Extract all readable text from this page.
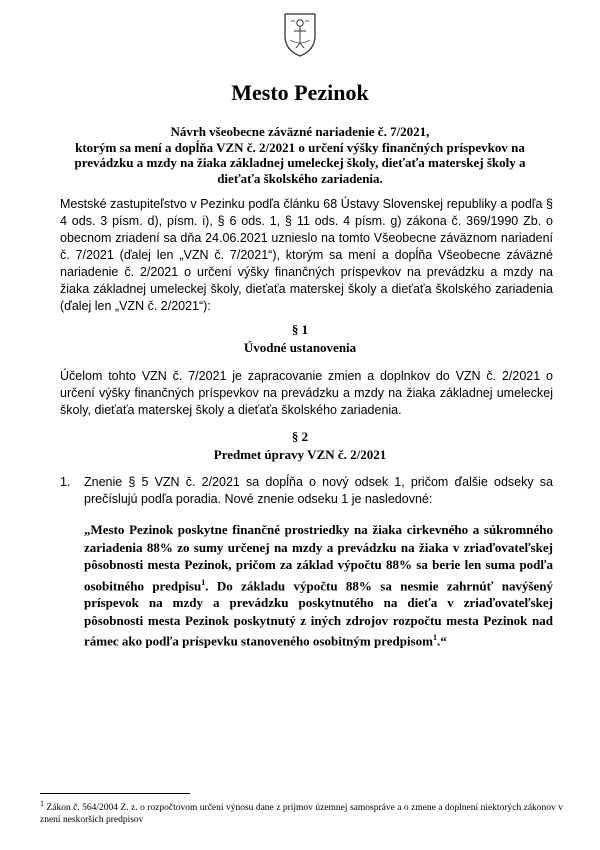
Mesto Pezinok
Návrh všeobecne záväzné nariadenie č. 7/2021,
ktorým sa mení a dopĺňa VZN č. 2/2021 o určení výšky finančných príspevkov na
prevádzku a mzdy na žiaka základnej umeleckej školy, dieťaťa materskej školy a
dieťaťa školského zariadenia.
Mestské zastupiteľstvo v Pezinku podľa článku 68 Ústavy Slovenskej republiky a podľa § 4 ods. 3 písm. d), písm. i), § 6 ods. 1, § 11 ods. 4 písm. g) zákona č. 369/1990 Zb. o obecnom zriadení sa dňa 24.06.2021 uznieslo na tomto Všeobecne záväznom nariadení č. 7/2021 (ďalej len „VZN č. 7/2021“), ktorým sa mení a dopĺňa Všeobecne záväzné nariadenie č. 2/2021 o určení výšky finančných príspevkov na prevádzku a mzdy na žiaka základnej umeleckej školy, dieťaťa materskej školy a dieťaťa školského zariadenia (ďalej len „VZN č. 2/2021“):
§ 1
Úvodné ustanovenia
Účelom tohto VZN č. 7/2021 je zapracovanie zmien a doplnkov do VZN č. 2/2021 o určení výšky finančných príspevkov na prevádzku a mzdy na žiaka základnej umeleckej školy, dieťaťa materskej školy a dieťaťa školského zariadenia.
§ 2
Predmet úpravy VZN č. 2/2021
1. Znenie § 5 VZN č. 2/2021 sa dopĺňa o nový odsek 1, pričom ďalšie odseky sa prečíslujú podľa poradia. Nové znenie odseku 1 je nasledovné:
„Mesto Pezinok poskytne finančné prostriedky na žiaka cirkevného a súkromného zariadenia 88% zo sumy určenej na mzdy a prevádzku na žiaka v zriaďovateľskej pôsobnosti mesta Pezinok, pričom za základ výpočtu 88% sa berie len suma podľa osobitného predpisu$^1$. Do základu výpočtu 88% sa nesmie zahrnúť navýšený príspevok na mzdy a prevádzku poskytnutého na dieťa v zriaďovateľskej pôsobnosti mesta Pezinok poskytnutý z iných zdrojov rozpočtu mesta Pezinok nad rámec ako podľa príspevku stanoveného osobitným predpisom$^1$.“
$^1$ Zákon č. 564/2004 Z. z. o rozpočtovom určení výnosu dane z príjmov územnej samospráve a o zmene a doplnení niektorých zákonov v znení neskorších predpisov
